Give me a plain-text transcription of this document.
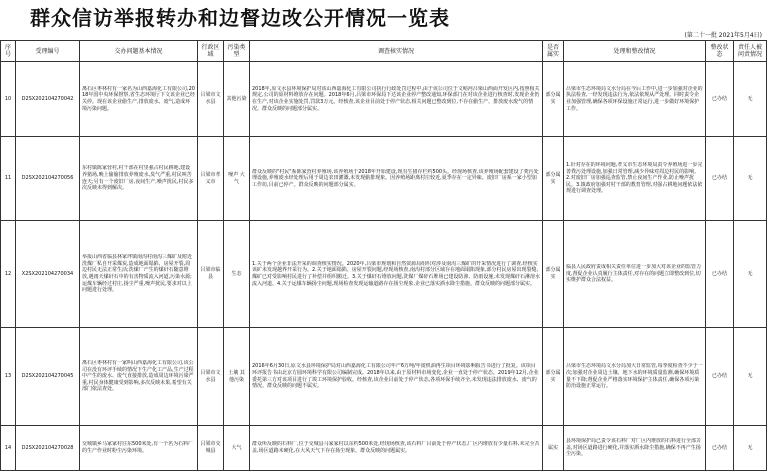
群众信访举报转办和边督边改公开情况一览表
(第二十一批 2021年5月4日)
序号	受理编号	交办问题基本情况	行政区域	污染类型	调查核实情况	是否属实	处理和整改情况	整改状态	责任人被问责情况
10	D2SX202104270042	离石区枣林村有一家名为山西嘉海化工有限公司,2018年国中央环保督察,省生态环境厅下文该企业已经关停。现在该企业偷生产,排放废水、废气,造成环境污染问题。	吕梁市文水县	其他污染	2018年,原文水县环境保护局对该山西嘉海化工有限公司执行行政处罚过程中,由于该公司位于文峪河吕梁山西面开发区内,按照相关规定,公司的原材料堆放存在问题。2018年6月,吕梁市环保局下达该企业停产整改通知,环保部门在对该企业进行核查时,发现企业仍在生产,对该企业实施处罚,罚款3万元。经核查,该企业目前处于停产状态,相关问题已整改到位,不存在偷生产、排放废水废气的情况。群众反映的问题部分属实。	部分属实	吕梁市生态环境局文水分局在今后工作中,进一步加强对企业的执法检查,一经发现违法行为,依法依规从严处理。同时责令企业加强管理,确保各项环保设施正常运行,进一步做好环境保护工作。	已办结	无
11	D2SX202104270056	东村镇陈家营村,村干部在村里强占村民耕地,建设养猪场,晚上偷偷排放养殖废水,臭气严重,村民叫苦连天;另有一个废旧厂房,夜间生产,噪声扰民,村民多次反映未得到解决。	吕梁市孝义市	噪声 大气	群众反映的"村民"系陈家营村养殖场,该养殖场于2018年开始建设,现有生猪存栏约500头。经现场核查,该养殖场配套建设了粪污处理设施,养殖废水经处理后用于周边农田灌溉,未发现偷排现象。因养殖场距离村庄较近,夏季存在一定异味。废旧厂房系一家小型加工作坊,目前已停产。群众反映的问题部分属实。	部分属实	1.针对存在的环境问题,孝义市生态环境局责令养殖场进一步完善粪污处理设施,加强日常管理,减少异味对周边村民的影响。2.对废旧厂房加强巡查监管,禁止夜间生产作业,防止噪声扰民。3.镇政府加强对村干部的教育管理,对强占耕地问题依法依规进行调查处理。	已办结	无
12	X2SX202104270034	举报山西省临县林家坪镇南沟村南沟三煤矿及附近洗煤厂私自开采煤炭,造成地面塌陷、房屋开裂,周边村民无法正常生活;洗煤厂产生的煤矸石随意堆放,遇雨天煤矸石中的有害物质流入河道,污染水源;运煤车辆经过村庄,扬尘严重,噪声扰民,要求对以上问题进行处理。	吕梁市临县	生态	1.关于两个企业非法开采的调查核实情况。2020年,吕梁市规划和自然资源局组织对涉及南沟三煤矿的开采情况进行了调查,经核实该矿未发现越界开采行为。2.关于地面塌陷、房屋开裂问题,经现场核查,南沟村部分区域存在地面塌陷现象,部分村民房屋出现裂缝,煤矿已对受影响村民进行了补偿并组织搬迁。3.关于煤矸石堆放问题,洗煤厂煤矸石堆场已建设防渗、防雨设施,未发现煤矸石淋溶水流入河道。4.关于运煤车辆扬尘问题,现场检查发现运输道路存在扬尘现象,企业已落实洒水降尘措施。群众反映的问题部分属实。	部分属实	临县人民政府责成相关责任单位进一步加大对该企业的监管力度,督促企业认真履行主体责任,对存在的问题立即整改到位,切实维护群众合法权益。	已办结	无
13	D2SX202104270045	离石区枣林村有一家叫山西嘉海化工有限公司,该公司在没有环评手续的情况下生产化工产品,生产过程中产生的废水、废气直接排放,造成周边环境污染严重,村民身体健康受到影响,多次反映未果,希望有关部门依法查处。	吕梁市文水县	土壤 其他污染	2016年6月30日,原文水县环境保护局对山西嘉海化工有限公司年产6万吨/年废机油再生项目环境影响报告书进行了批复。该项目环评报告书由北京方圆环境科学有限公司编制完成。2018年以来,由于原材料市场变化,企业一直处于停产状态。2019年12月,企业委托第三方对该项目进行了竣工环境保护验收。经核查,该企业目前处于停产状态,各项环保手续齐全,未发现违法排放废水、废气的情况。群众反映的问题不属实。	部分属实	吕梁市生态环境局文水分局加大日常监管,每季度检查不少于一次;加强对企业周边土壤、地下水的环境质量监测,确保环境质量不下降;督促企业严格落实环境保护主体责任,确保各项污染防治设施正常运行。	已办结	无
14	D2SX202104270028	交城镇乡马家家村往东500米处,有一个名为石料厂的生产作业时粉尘污染环境。	吕梁市交城县	大气	群众所反映的石料厂,位于交城县马家家村以东约500米处,经现场核查,该石料厂目前处于停产状态,厂区内堆放有少量石料,未完全苫盖,场区道路未硬化,在大风天气下存在扬尘现象。群众反映的问题属实。	属实	县环境保护局已责令该石料厂对厂区内堆放的石料进行全部苫盖,对场区道路进行硬化,并落实洒水降尘措施,确保不再产生扬尘污染。	已办结	无
